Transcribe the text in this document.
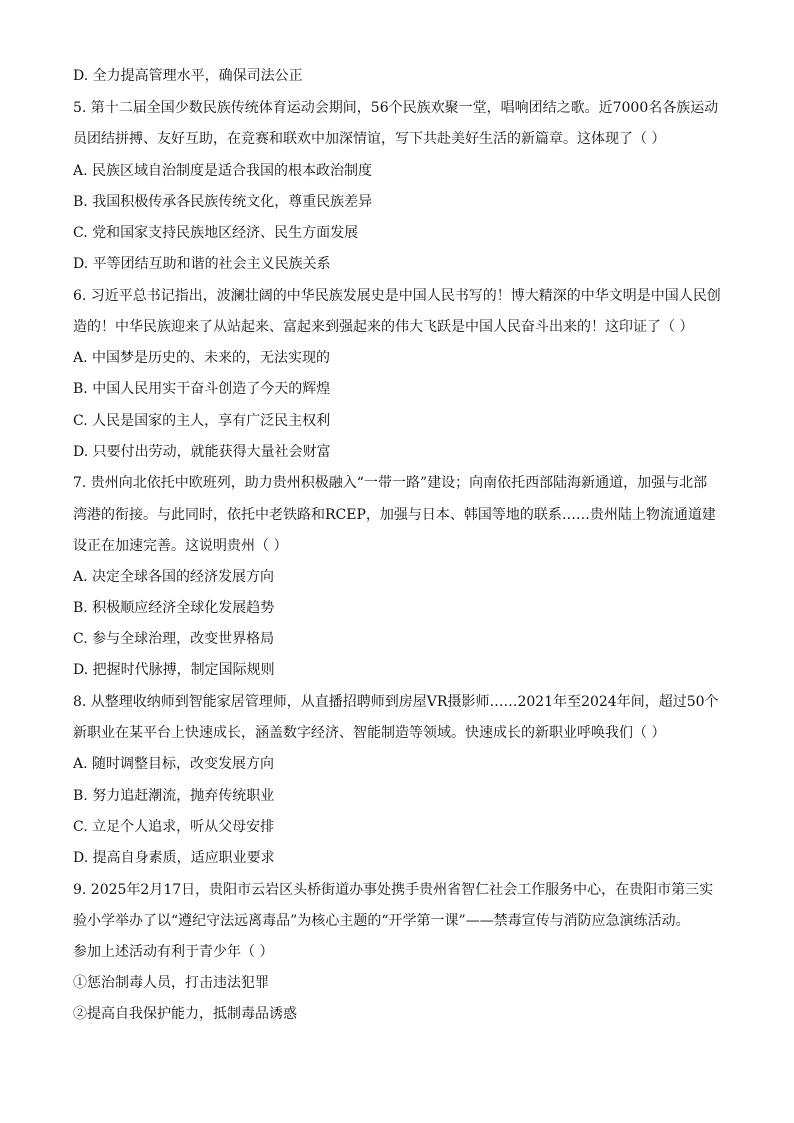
D. 全力提高管理水平，确保司法公正
5. 第十二届全国少数民族传统体育运动会期间，56个民族欢聚一堂，唱响团结之歌。近7000名各族运动
员团结拼搏、友好互助，在竞赛和联欢中加深情谊，写下共赴美好生活的新篇章。这体现了（ ）
A. 民族区域自治制度是适合我国的根本政治制度
B. 我国积极传承各民族传统文化，尊重民族差异
C. 党和国家支持民族地区经济、民生方面发展
D. 平等团结互助和谐的社会主义民族关系
6. 习近平总书记指出，波澜壮阔的中华民族发展史是中国人民书写的！博大精深的中华文明是中国人民创
造的！中华民族迎来了从站起来、富起来到强起来的伟大飞跃是中国人民奋斗出来的！这印证了（ ）
A. 中国梦是历史的、未来的，无法实现的
B. 中国人民用实干奋斗创造了今天的辉煌
C. 人民是国家的主人，享有广泛民主权利
D. 只要付出劳动，就能获得大量社会财富
7. 贵州向北依托中欧班列，助力贵州积极融入“一带一路”建设；向南依托西部陆海新通道，加强与北部
湾港的衔接。与此同时，依托中老铁路和RCEP，加强与日本、韩国等地的联系……贵州陆上物流通道建
设正在加速完善。这说明贵州（ ）
A. 决定全球各国的经济发展方向
B. 积极顺应经济全球化发展趋势
C. 参与全球治理，改变世界格局
D. 把握时代脉搏，制定国际规则
8. 从整理收纳师到智能家居管理师，从直播招聘师到房屋VR摄影师……2021年至2024年间，超过50个
新职业在某平台上快速成长，涵盖数字经济、智能制造等领域。快速成长的新职业呼唤我们（ ）
A. 随时调整目标，改变发展方向
B. 努力追赶潮流，抛弃传统职业
C. 立足个人追求，听从父母安排
D. 提高自身素质，适应职业要求
9. 2025年2月17日，贵阳市云岩区头桥街道办事处携手贵州省智仁社会工作服务中心，在贵阳市第三实
验小学举办了以“遵纪守法远离毒品”为核心主题的“开学第一课”——禁毒宣传与消防应急演练活动。
参加上述活动有利于青少年（ ）
①惩治制毒人员，打击违法犯罪
②提高自我保护能力，抵制毒品诱惑
